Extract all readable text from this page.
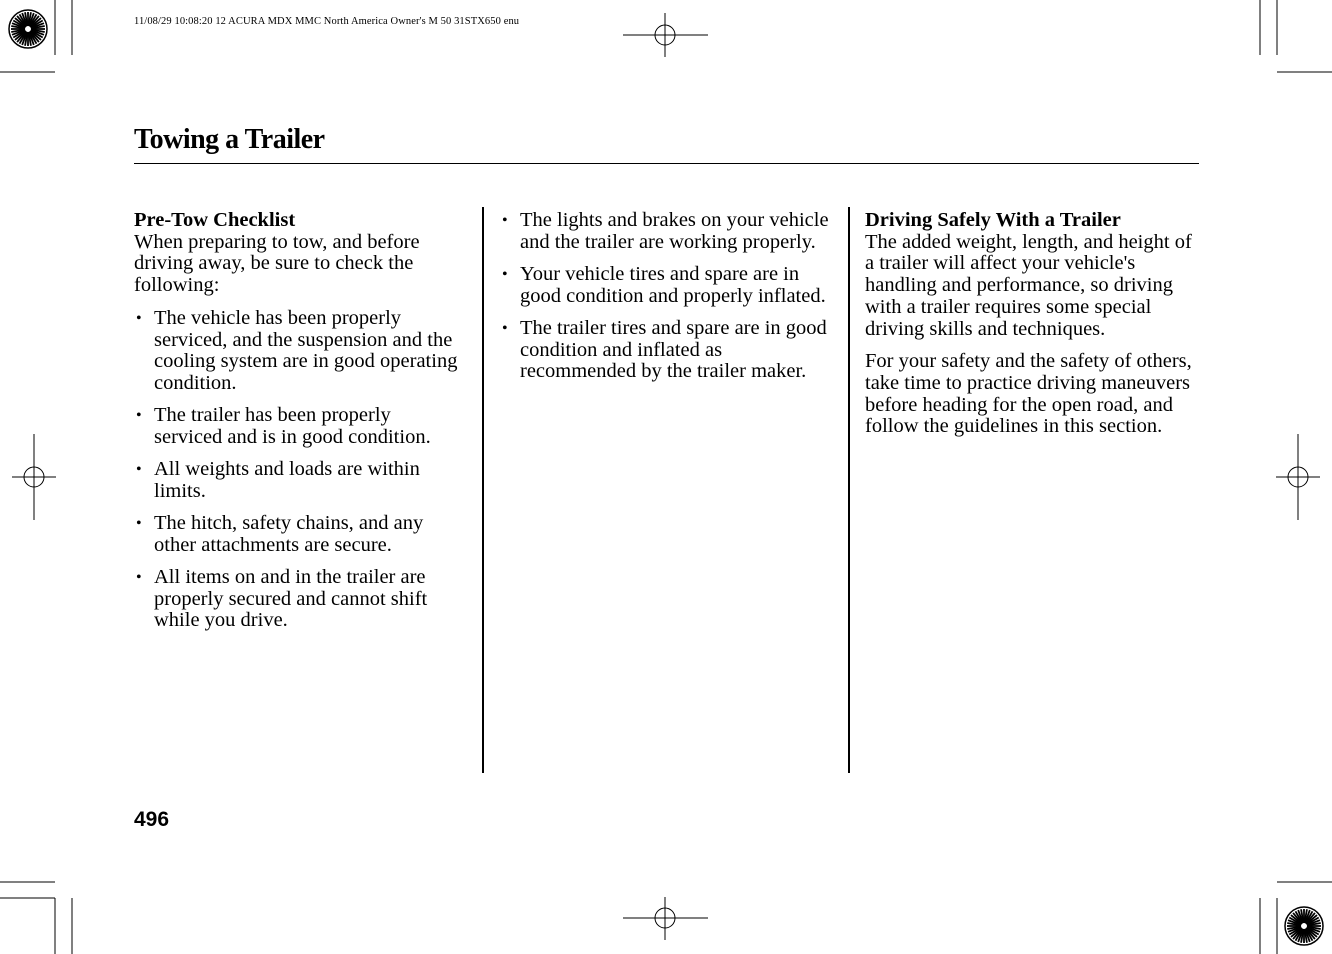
11/08/29 10:08:20 12 ACURA MDX MMC North America Owner's M 50 31STX650 enu
Towing a Trailer
Pre-Tow Checklist

When preparing to tow, and before driving away, be sure to check the following:

• The vehicle has been properly serviced, and the suspension and the cooling system are in good operating condition.
• The trailer has been properly serviced and is in good condition.
• All weights and loads are within limits.
• The hitch, safety chains, and any other attachments are secure.
• All items on and in the trailer are properly secured and cannot shift while you drive.
• The lights and brakes on your vehicle and the trailer are working properly.
• Your vehicle tires and spare are in good condition and properly inflated.
• The trailer tires and spare are in good condition and inflated as recommended by the trailer maker.
Driving Safely With a Trailer

The added weight, length, and height of a trailer will affect your vehicle's handling and performance, so driving with a trailer requires some special driving skills and techniques.

For your safety and the safety of others, take time to practice driving maneuvers before heading for the open road, and follow the guidelines in this section.

496
